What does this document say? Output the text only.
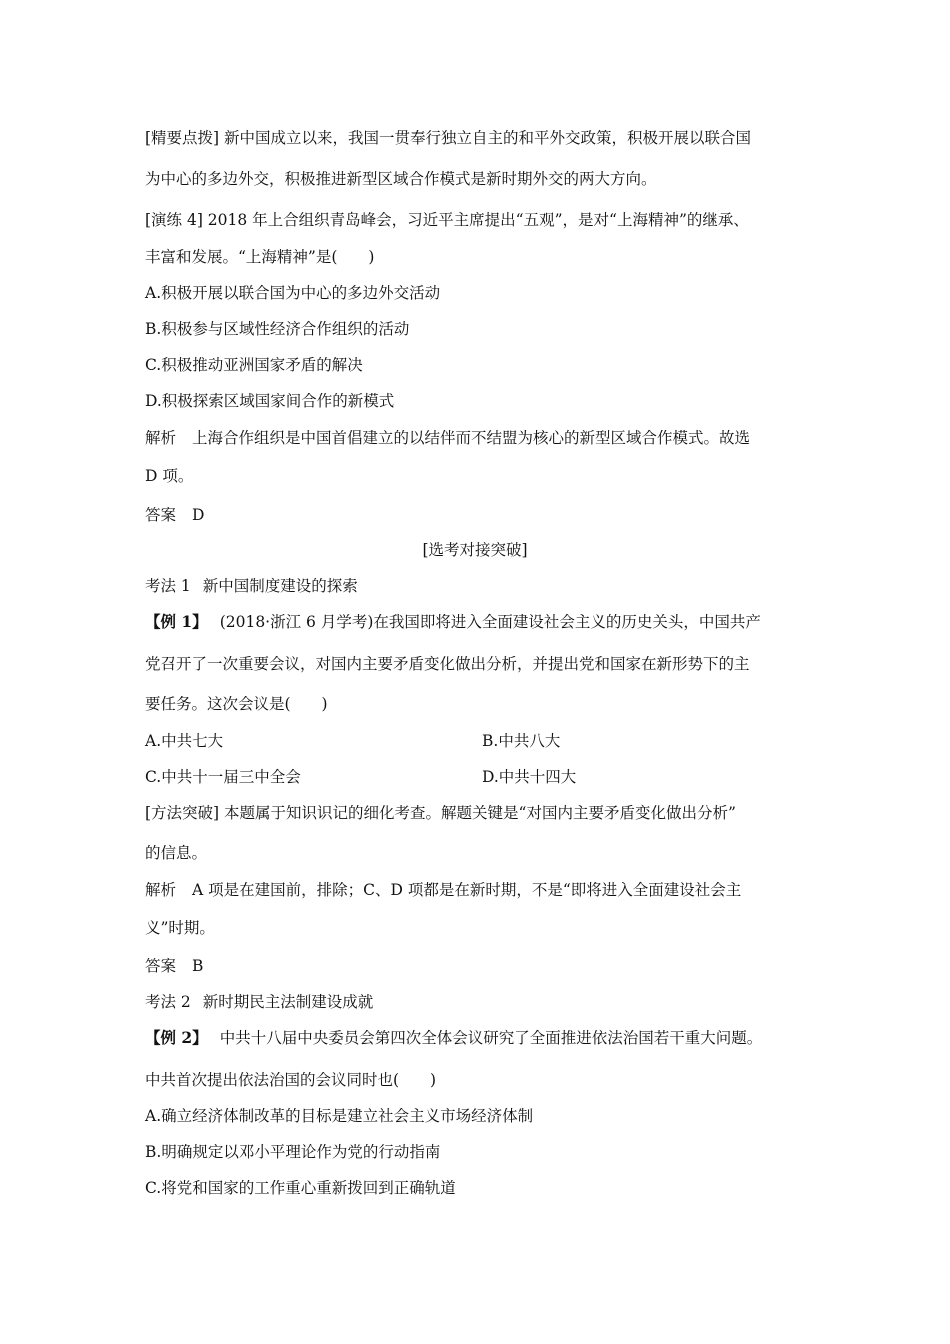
[精要点拨] 新中国成立以来，我国一贯奉行独立自主的和平外交政策，积极开展以联合国
为中心的多边外交，积极推进新型区域合作模式是新时期外交的两大方向。
[演练 4] 2018 年上合组织青岛峰会，习近平主席提出“五观”，是对“上海精神”的继承、
丰富和发展。“上海精神”是(　　)
A.积极开展以联合国为中心的多边外交活动
B.积极参与区域性经济合作组织的活动
C.积极推动亚洲国家矛盾的解决
D.积极探索区域国家间合作的新模式
解析 上海合作组织是中国首倡建立的以结伴而不结盟为核心的新型区域合作模式。故选
D 项。
答案 D
[选考对接突破]
考法 1 新中国制度建设的探索
【例 1】 (2018·浙江 6 月学考)在我国即将进入全面建设社会主义的历史关头，中国共产
党召开了一次重要会议，对国内主要矛盾变化做出分析，并提出党和国家在新形势下的主
要任务。这次会议是(　　)
A.中共七大	B.中共八大
C.中共十一届三中全会	D.中共十四大
[方法突破] 本题属于知识识记的细化考查。解题关键是“对国内主要矛盾变化做出分析”
的信息。
解析 A 项是在建国前，排除；C、D 项都是在新时期，不是“即将进入全面建设社会主
义”时期。
答案 B
考法 2 新时期民主法制建设成就
【例 2】 中共十八届中央委员会第四次全体会议研究了全面推进依法治国若干重大问题。
中共首次提出依法治国的会议同时也(　　)
A.确立经济体制改革的目标是建立社会主义市场经济体制
B.明确规定以邓小平理论作为党的行动指南
C.将党和国家的工作重心重新拨回到正确轨道
